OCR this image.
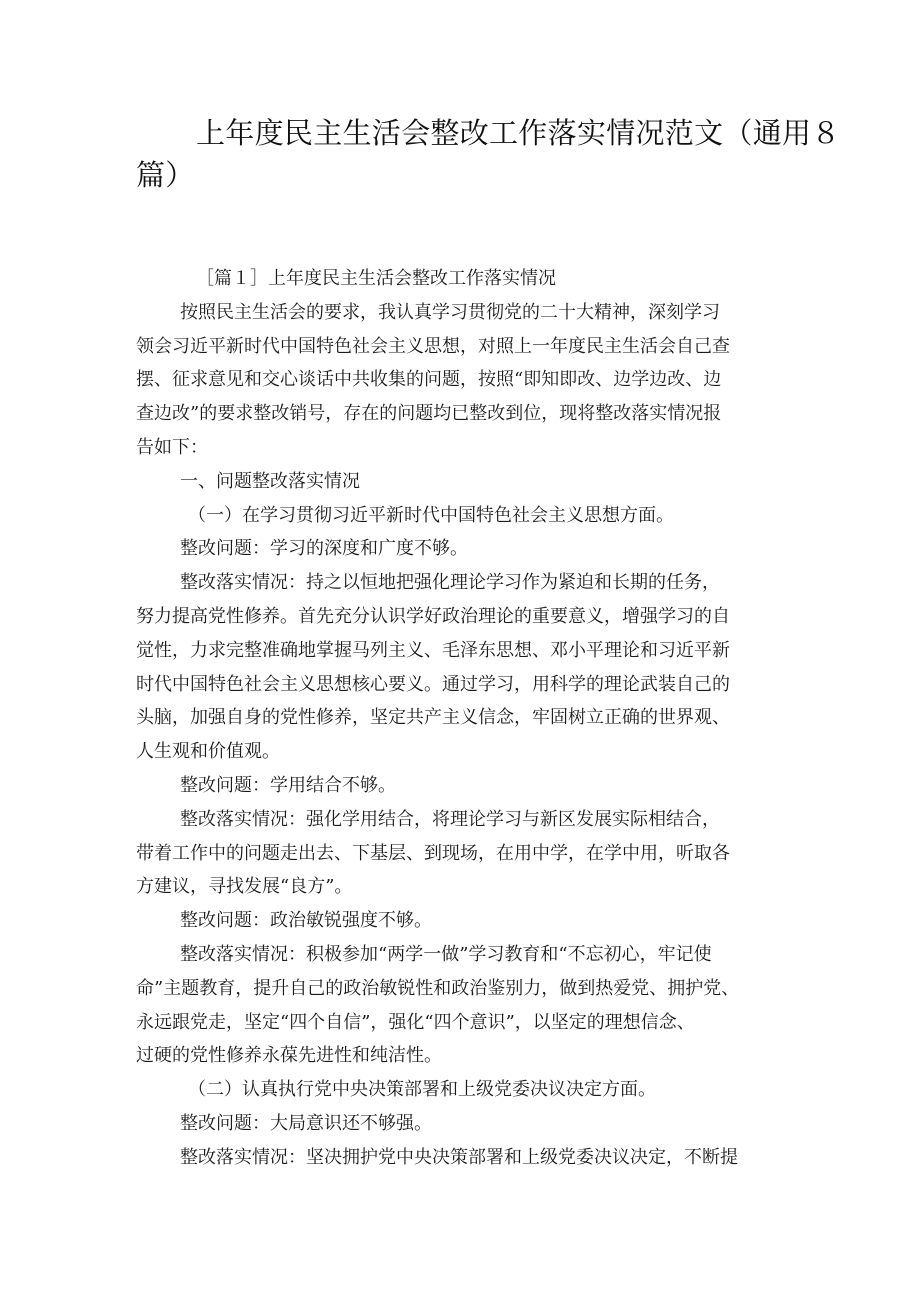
上年度民主生活会整改工作落实情况范文（通用８
篇）
［篇１］上年度民主生活会整改工作落实情况
按照民主生活会的要求，我认真学习贯彻党的二十大精神，深刻学习
领会习近平新时代中国特色社会主义思想，对照上一年度民主生活会自己查
摆、征求意见和交心谈话中共收集的问题，按照“即知即改、边学边改、边
查边改”的要求整改销号，存在的问题均已整改到位，现将整改落实情况报
告如下：
一、问题整改落实情况
（一）在学习贯彻习近平新时代中国特色社会主义思想方面。
整改问题：学习的深度和广度不够。
整改落实情况：持之以恒地把强化理论学习作为紧迫和长期的任务，
努力提高党性修养。首先充分认识学好政治理论的重要意义，增强学习的自
觉性，力求完整准确地掌握马列主义、毛泽东思想、邓小平理论和习近平新
时代中国特色社会主义思想核心要义。通过学习，用科学的理论武装自己的
头脑，加强自身的党性修养，坚定共产主义信念，牢固树立正确的世界观、
人生观和价值观。
整改问题：学用结合不够。
整改落实情况：强化学用结合，将理论学习与新区发展实际相结合，
带着工作中的问题走出去、下基层、到现场，在用中学，在学中用，听取各
方建议，寻找发展“良方”。
整改问题：政治敏锐强度不够。
整改落实情况：积极参加“两学一做”学习教育和“不忘初心，牢记使
命”主题教育，提升自己的政治敏锐性和政治鉴别力，做到热爱党、拥护党、
永远跟党走，坚定“四个自信”，强化“四个意识”，以坚定的理想信念、
过硬的党性修养永葆先进性和纯洁性。
（二）认真执行党中央决策部署和上级党委决议决定方面。
整改问题：大局意识还不够强。
整改落实情况：坚决拥护党中央决策部署和上级党委决议决定，不断提
